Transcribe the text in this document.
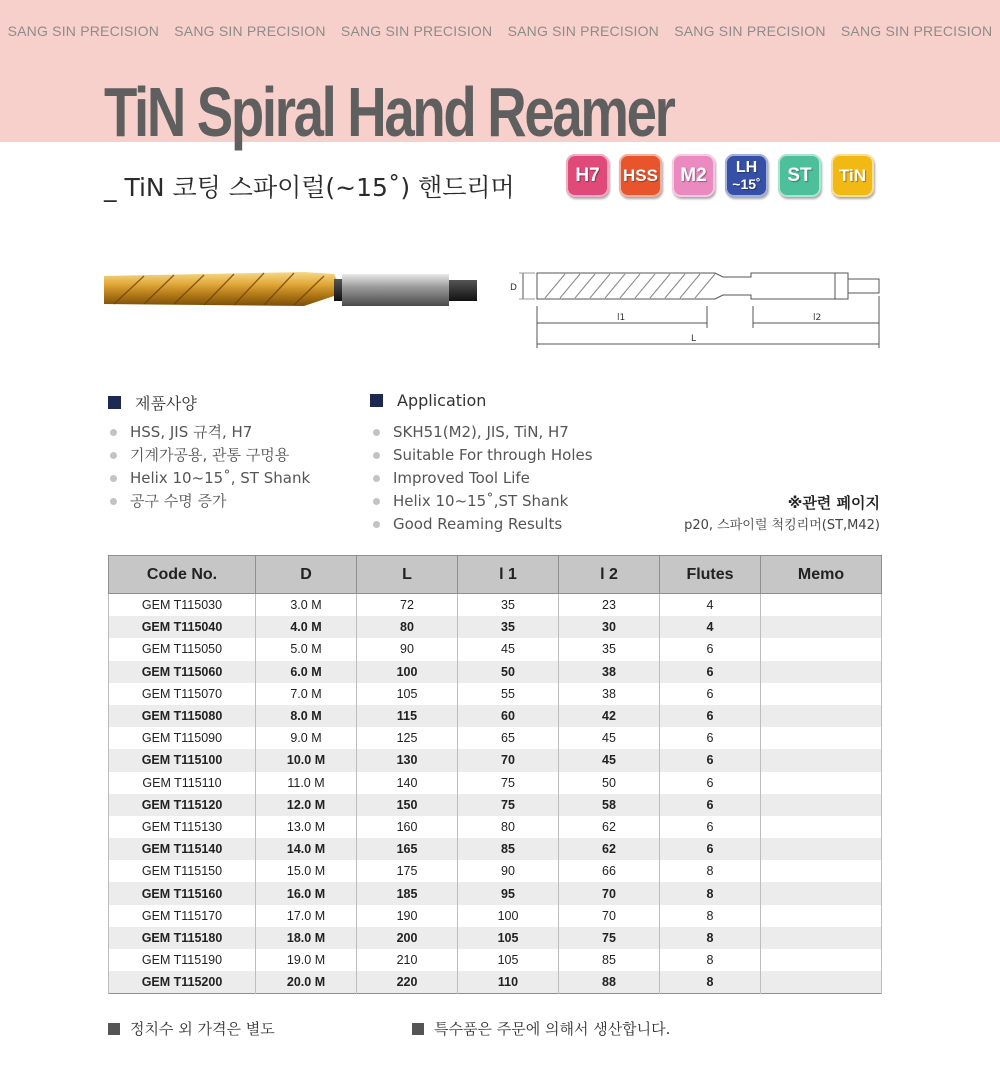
SANG SIN PRECISION SANG SIN PRECISION SANG SIN PRECISION SANG SIN PRECISION SANG SIN PRECISION SANG SIN PRECISION
TiN Spiral Hand Reamer
_ TiN 코팅 스파이럴(~15˚) 핸드리머	H7	HSS	M2	LH
~15˚	ST	TiN
D
l1	l2
L
제품사양
HSS, JIS 규격, H7
기계가공용, 관통 구멍용
Helix 10~15˚, ST Shank
공구 수명 증가
Application
SKH51(M2), JIS, TiN, H7
Suitable For through Holes
Improved Tool Life
Helix 10~15˚,ST Shank
Good Reaming Results
※관련 페이지
p20, 스파이럴 척킹리머(ST,M42)
Code No.	D	L	l 1	l 2	Flutes	Memo
GEM T115030	3.0 M	72	35	23	4	
GEM T115040	4.0 M	80	35	30	4	
GEM T115050	5.0 M	90	45	35	6	
GEM T115060	6.0 M	100	50	38	6	
GEM T115070	7.0 M	105	55	38	6	
GEM T115080	8.0 M	115	60	42	6	
GEM T115090	9.0 M	125	65	45	6	
GEM T115100	10.0 M	130	70	45	6	
GEM T115110	11.0 M	140	75	50	6	
GEM T115120	12.0 M	150	75	58	6	
GEM T115130	13.0 M	160	80	62	6	
GEM T115140	14.0 M	165	85	62	6	
GEM T115150	15.0 M	175	90	66	8	
GEM T115160	16.0 M	185	95	70	8	
GEM T115170	17.0 M	190	100	70	8	
GEM T115180	18.0 M	200	105	75	8	
GEM T115190	19.0 M	210	105	85	8	
GEM T115200	20.0 M	220	110	88	8	
정치수 외 가격은 별도	특수품은 주문에 의해서 생산합니다.
